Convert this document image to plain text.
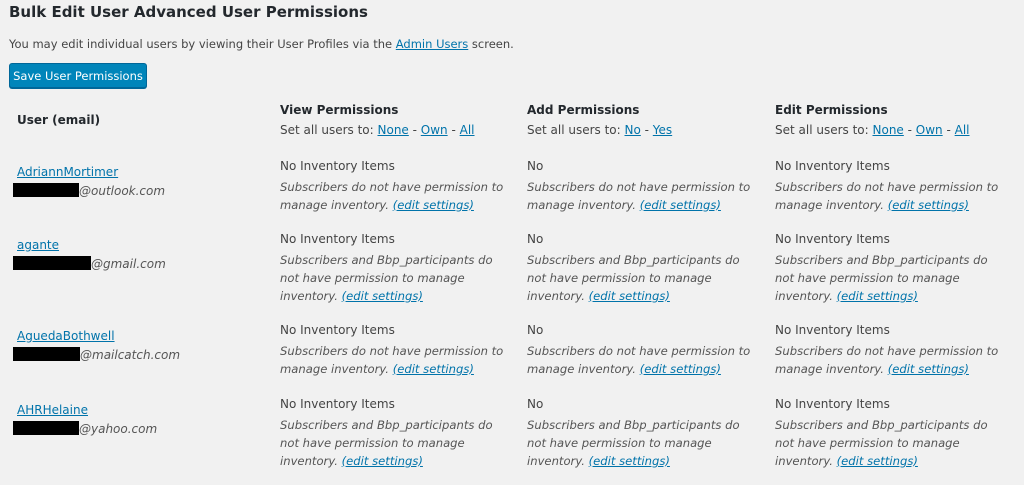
Bulk Edit User Advanced User Permissions
You may edit individual users by viewing their User Profiles via the Admin Users screen.
Save User Permissions
User (email)
View Permissions
Set all users to: None - Own - All
Add Permissions
Set all users to: No - Yes
Edit Permissions
Set all users to: None - Own - All
AdriannMortimer
@outlook.com
No Inventory Items
Subscribers do not have permission to manage inventory. (edit settings)
No
Subscribers do not have permission to manage inventory. (edit settings)
No Inventory Items
Subscribers do not have permission to manage inventory. (edit settings)
agante
@gmail.com
No Inventory Items
Subscribers and Bbp_participants do not have permission to manage inventory. (edit settings)
No
Subscribers and Bbp_participants do not have permission to manage inventory. (edit settings)
No Inventory Items
Subscribers and Bbp_participants do not have permission to manage inventory. (edit settings)
AguedaBothwell
@mailcatch.com
No Inventory Items
Subscribers do not have permission to manage inventory. (edit settings)
No
Subscribers do not have permission to manage inventory. (edit settings)
No Inventory Items
Subscribers do not have permission to manage inventory. (edit settings)
AHRHelaine
@yahoo.com
No Inventory Items
Subscribers and Bbp_participants do not have permission to manage inventory. (edit settings)
No
Subscribers and Bbp_participants do not have permission to manage inventory. (edit settings)
No Inventory Items
Subscribers and Bbp_participants do not have permission to manage inventory. (edit settings)
